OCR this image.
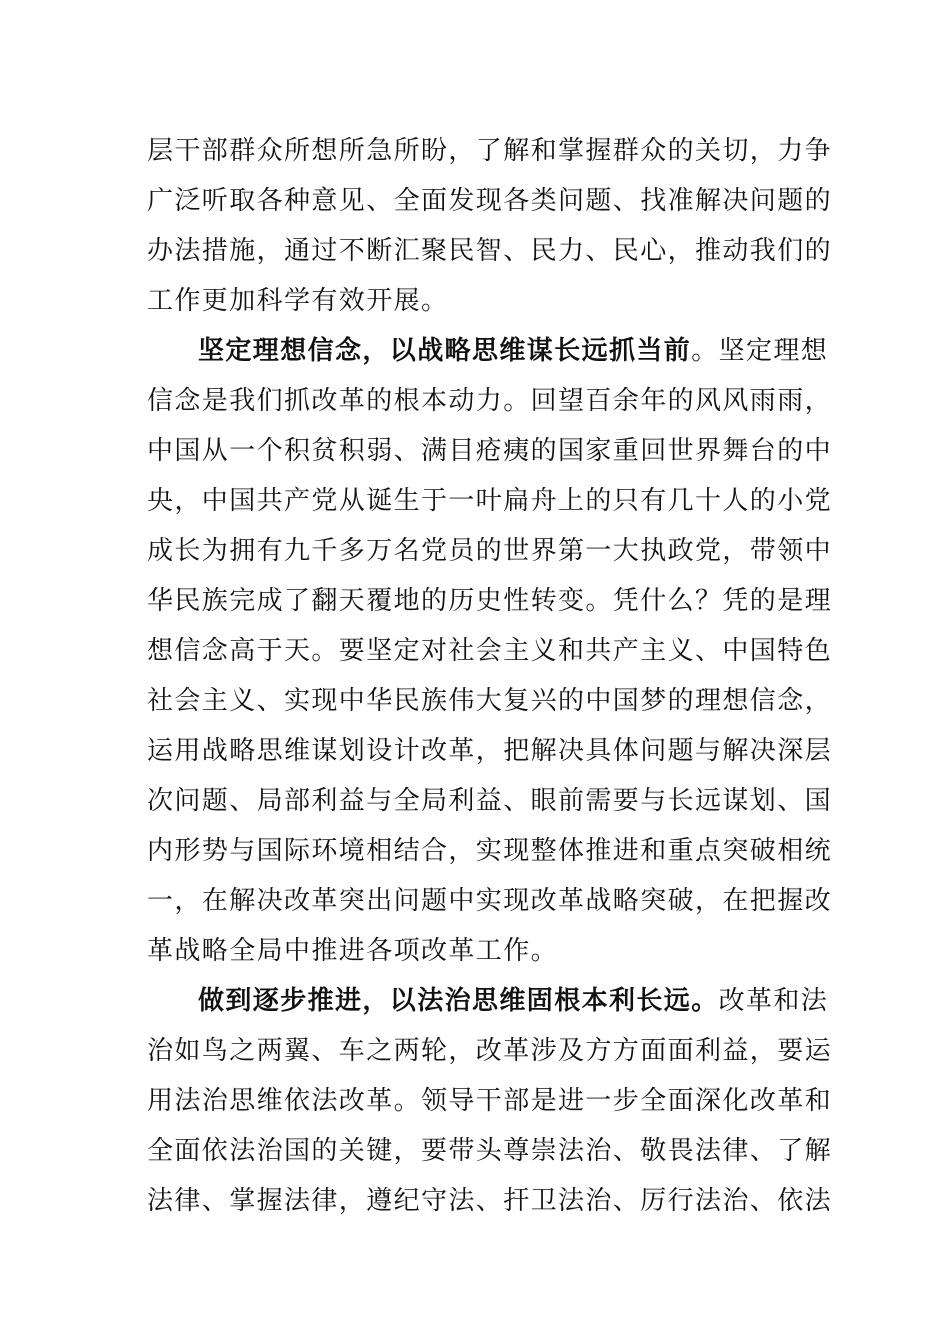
层干部群众所想所急所盼，了解和掌握群众的关切，力争
广泛听取各种意见、全面发现各类问题、找准解决问题的
办法措施，通过不断汇聚民智、民力、民心，推动我们的
工作更加科学有效开展。
坚定理想信念，以战略思维谋长远抓当前。坚定理想
信念是我们抓改革的根本动力。回望百余年的风风雨雨，
中国从一个积贫积弱、满目疮痍的国家重回世界舞台的中
央，中国共产党从诞生于一叶扁舟上的只有几十人的小党
成长为拥有九千多万名党员的世界第一大执政党，带领中
华民族完成了翻天覆地的历史性转变。凭什么？凭的是理
想信念高于天。要坚定对社会主义和共产主义、中国特色
社会主义、实现中华民族伟大复兴的中国梦的理想信念，
运用战略思维谋划设计改革，把解决具体问题与解决深层
次问题、局部利益与全局利益、眼前需要与长远谋划、国
内形势与国际环境相结合，实现整体推进和重点突破相统
一，在解决改革突出问题中实现改革战略突破，在把握改
革战略全局中推进各项改革工作。
做到逐步推进，以法治思维固根本利长远。改革和法
治如鸟之两翼、车之两轮，改革涉及方方面面利益，要运
用法治思维依法改革。领导干部是进一步全面深化改革和
全面依法治国的关键，要带头尊崇法治、敬畏法律、了解
法律、掌握法律，遵纪守法、扞卫法治、厉行法治、依法
